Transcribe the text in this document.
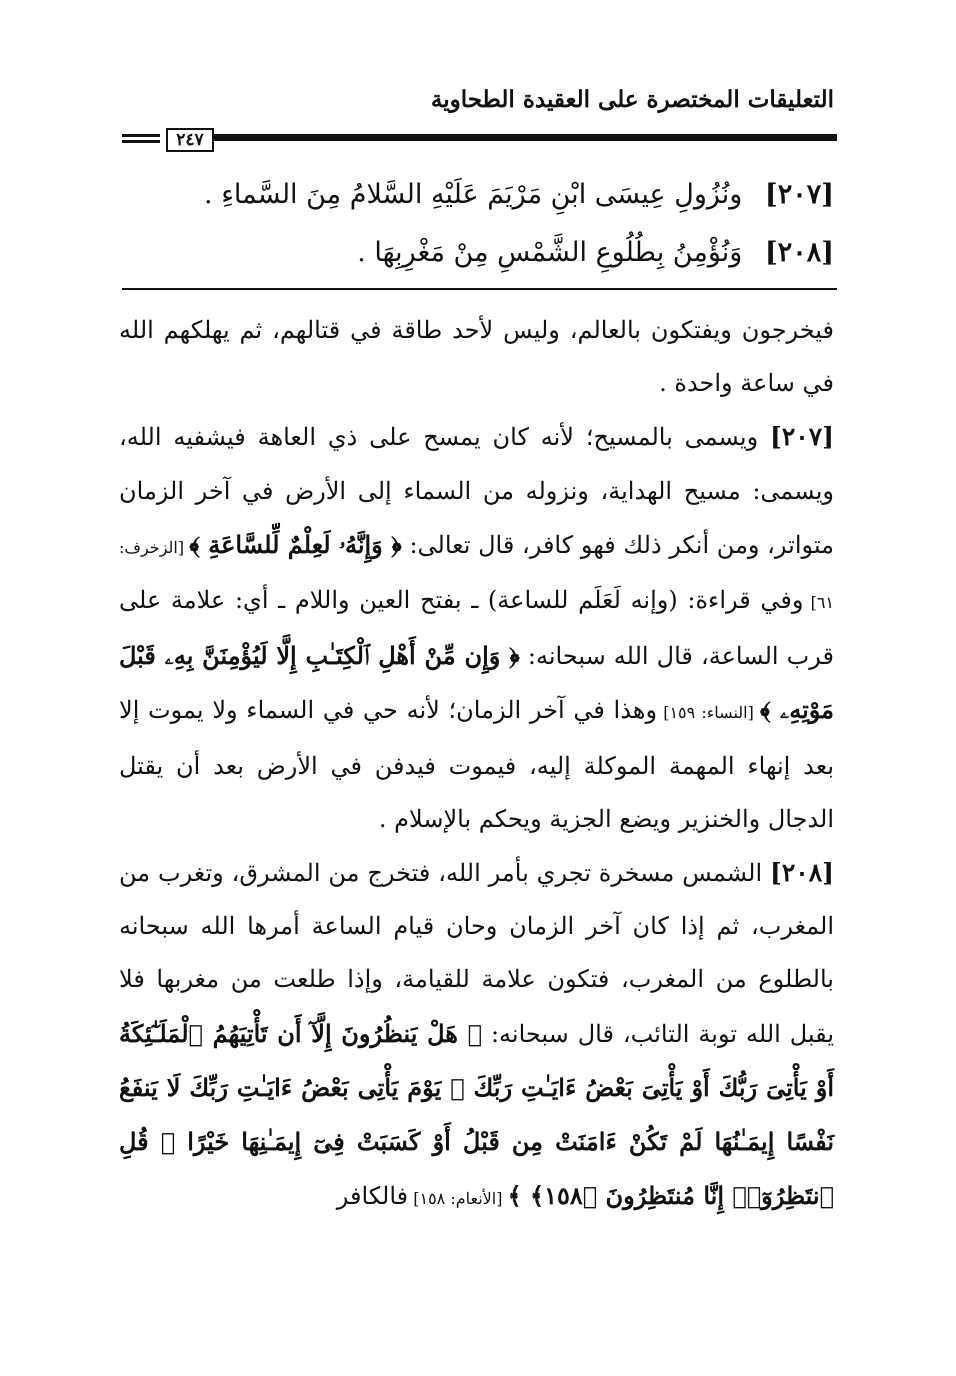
التعليقات المختصرة على العقيدة الطحاوية
٢٤٧
[٢٠٧] ونُزُولِ عِيسَى ابْنِ مَرْيَمَ عَلَيْهِ السَّلامُ مِنَ السَّماءِ .
[٢٠٨] وَنُؤْمِنُ بِطُلُوعِ الشَّمْسِ مِنْ مَغْرِبِهَا .

فيخرجون ويفتكون بالعالم، وليس لأحد طاقة في قتالهم، ثم يهلكهم الله في ساعة واحدة .

[٢٠٧] ويسمى بالمسيح؛ لأنه كان يمسح على ذي العاهة فيشفيه الله، ويسمى: مسيح الهداية، ونزوله من السماء إلى الأرض في آخر الزمان متواتر، ومن أنكر ذلك فهو كافر، قال تعالى: ﴿ وَإِنَّهُۥ لَعِلْمٌ لِّلسَّاعَةِ ﴾ [الزخرف: ٦١] وفي قراءة: (وإنه لَعَلَم للساعة) ـ بفتح العين واللام ـ أي: علامة على قرب الساعة، قال الله سبحانه: ﴿ وَإِن مِّنْ أَهْلِ ٱلْكِتَـٰبِ إِلَّا لَيُؤْمِنَنَّ بِهِۦ قَبْلَ مَوْتِهِۦ ﴾ [النساء: ١٥٩] وهذا في آخر الزمان؛ لأنه حي في السماء ولا يموت إلا بعد إنهاء المهمة الموكلة إليه، فيموت فيدفن في الأرض بعد أن يقتل الدجال والخنزير ويضع الجزية ويحكم بالإسلام .

[٢٠٨] الشمس مسخرة تجري بأمر الله، فتخرج من المشرق، وتغرب من المغرب، ثم إذا كان آخر الزمان وحان قيام الساعة أمرها الله سبحانه بالطلوع من المغرب، فتكون علامة للقيامة، وإذا طلعت من مغربها فلا يقبل الله توبة التائب، قال سبحانه: ﴿ هَلْ يَنظُرُونَ إِلَّآ أَن تَأْتِيَهُمُ ٱلْمَلَـٰٓئِكَةُ أَوْ يَأْتِىَ رَبُّكَ أَوْ يَأْتِىَ بَعْضُ ءَايَـٰتِ رَبِّكَ ۗ يَوْمَ يَأْتِى بَعْضُ ءَايَـٰتِ رَبِّكَ لَا يَنفَعُ نَفْسًا إِيمَـٰنُهَا لَمْ تَكُنْ ءَامَنَتْ مِن قَبْلُ أَوْ كَسَبَتْ فِىٓ إِيمَـٰنِهَا خَيْرًا ۗ قُلِ ٱنتَظِرُوٓا۟ إِنَّا مُنتَظِرُونَ ﴿١٥٨﴾ ﴾ [الأنعام: ١٥٨] فالكافر
